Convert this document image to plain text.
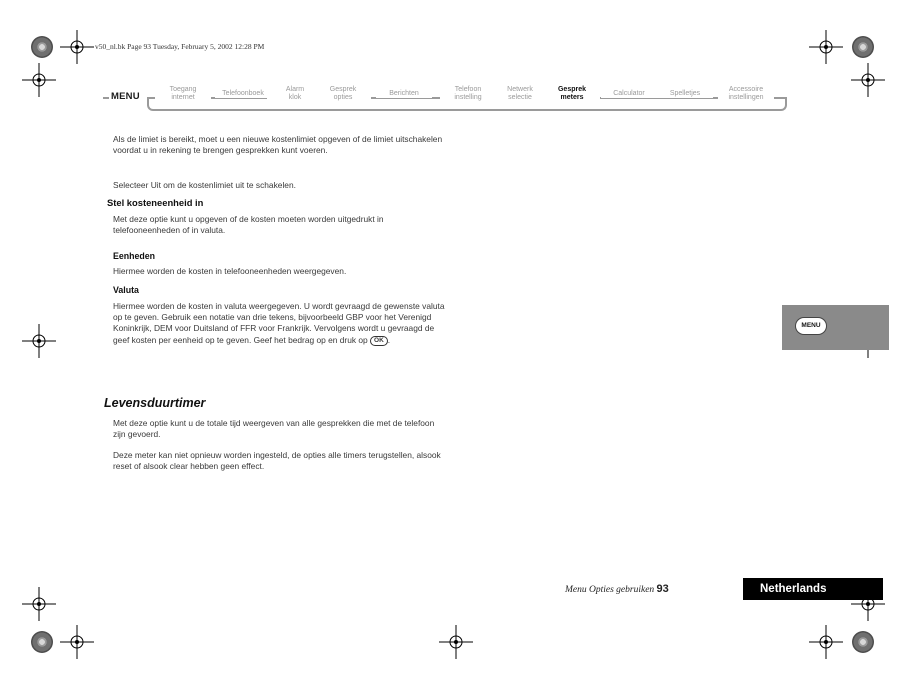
v50_nl.bk Page 93 Tuesday, February 5, 2002 12:28 PM
MENU
Toegang
internet
Telefoonboek
Alarm
klok
Gesprek
opties
Berichten
Telefoon
instelling
Netwerk
selectie
Gesprek
meters
Calculator	Spelletjes
Accessoire
instellingen
Als de limiet is bereikt, moet u een nieuwe kostenlimiet opgeven of de limiet uitschakelen voordat u in rekening te brengen gesprekken kunt voeren.
Selecteer Uit om de kostenlimiet uit te schakelen.
Stel kosteneenheid in
Met deze optie kunt u opgeven of de kosten moeten worden uitgedrukt in telefooneenheden of in valuta.
Eenheden
Hiermee worden de kosten in telefooneenheden weergegeven.
Valuta
Hiermee worden de kosten in valuta weergegeven. U wordt gevraagd de gewenste valuta op te geven. Gebruik een notatie van drie tekens, bijvoorbeeld GBP voor het Verenigd Koninkrijk, DEM voor Duitsland of FFR voor Frankrijk. Vervolgens wordt u gevraagd de geef kosten per eenheid op te geven. Geef het bedrag op en druk op OK .
Levensduurtimer
Met deze optie kunt u de totale tijd weergeven van alle gesprekken die met de telefoon zijn gevoerd.
Deze meter kan niet opnieuw worden ingesteld, de opties alle timers terugstellen, alsook reset of alsook clear hebben geen effect.
MENU
Menu Opties gebruiken 93	Netherlands
